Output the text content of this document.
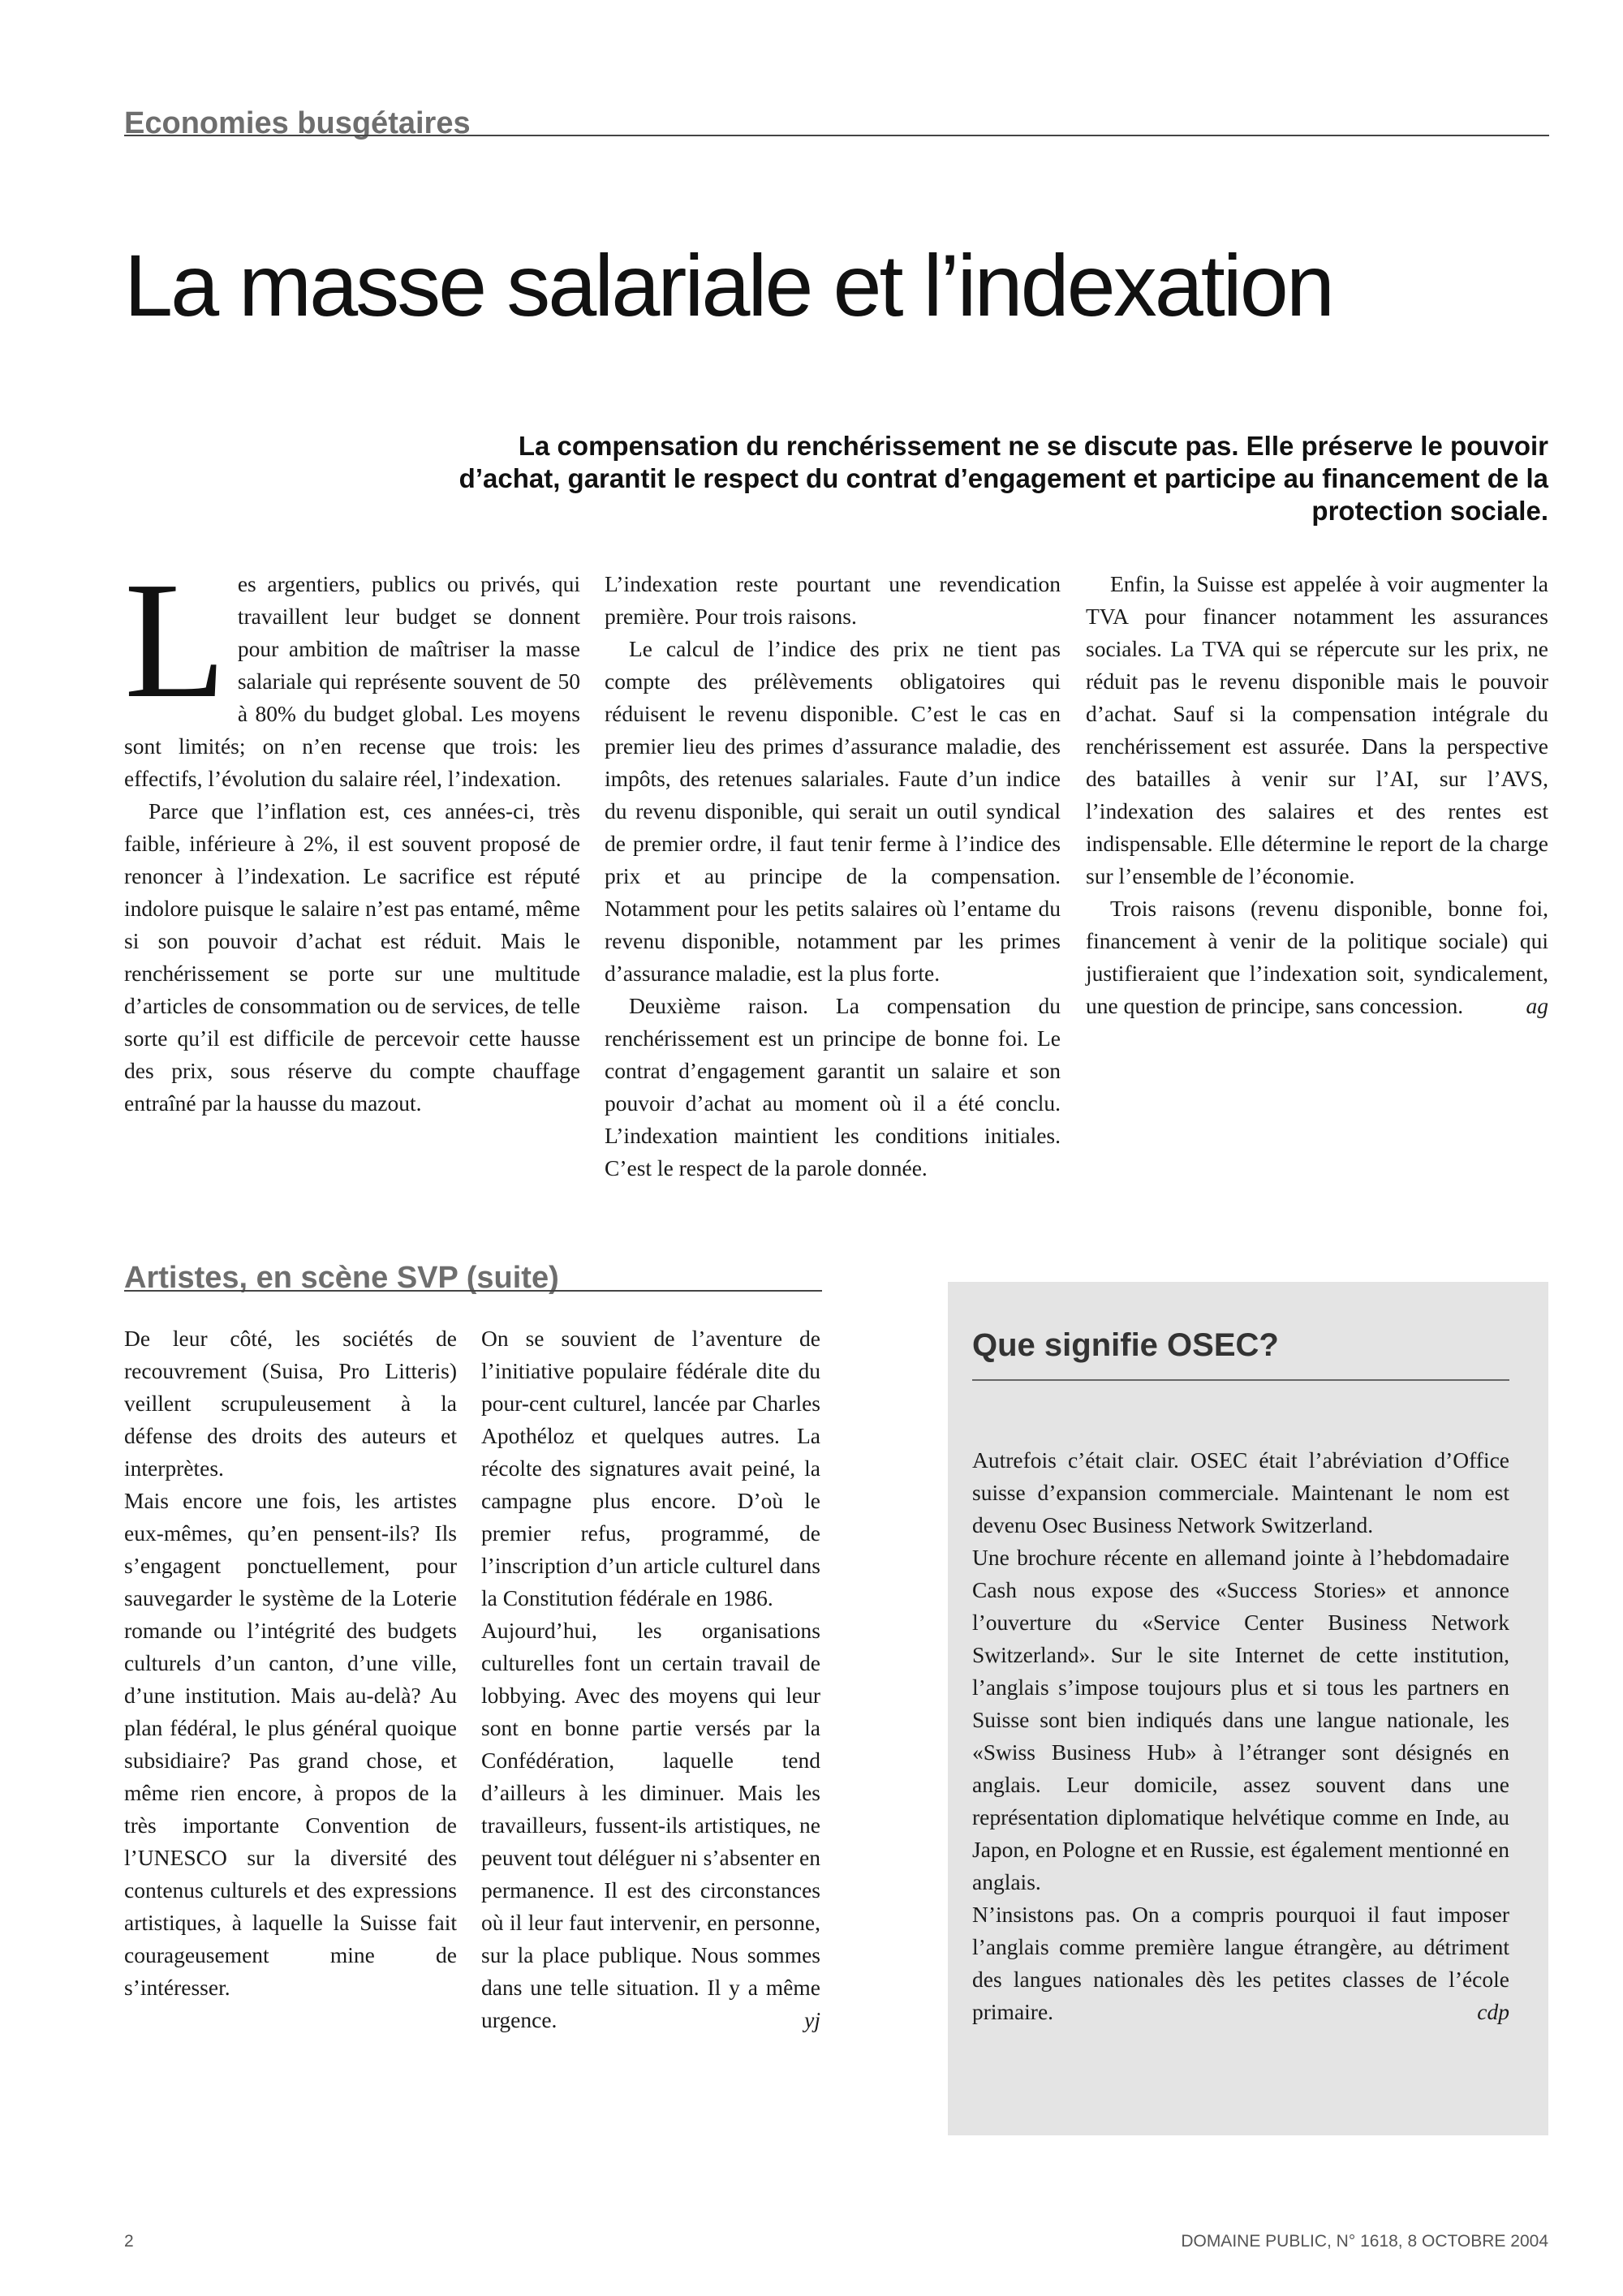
Economies busgétaires
La masse salariale et l’indexation

La compensation du renchérissement ne se discute pas. Elle préserve le pouvoir d’achat, garantit le respect du contrat d’engagement et participe au financement de la protection sociale.

Les argentiers, publics ou privés, qui travaillent leur budget se donnent pour ambition de maîtriser la masse salariale qui représente souvent de 50 à 80% du budget global. Les moyens sont limités; on n’en recense que trois: les effectifs, l’évolution du salaire réel, l’indexation.

Parce que l’inflation est, ces années-ci, très faible, inférieure à 2%, il est souvent proposé de renoncer à l’indexation. Le sacrifice est réputé indolore puisque le salaire n’est pas entamé, même si son pouvoir d’achat est réduit. Mais le renchérissement se porte sur une multitude d’articles de consommation ou de services, de telle sorte qu’il est difficile de percevoir cette hausse des prix, sous réserve du compte chauffage entraîné par la hausse du mazout.

L’indexation reste pourtant une revendication première. Pour trois raisons.

Le calcul de l’indice des prix ne tient pas compte des prélèvements obligatoires qui réduisent le revenu disponible. C’est le cas en premier lieu des primes d’assurance maladie, des impôts, des retenues salariales. Faute d’un indice du revenu disponible, qui serait un outil syndical de premier ordre, il faut tenir ferme à l’indice des prix et au principe de la compensation. Notamment pour les petits salaires où l’entame du revenu disponible, notamment par les primes d’assurance maladie, est la plus forte.

Deuxième raison. La compensation du renchérissement est un principe de bonne foi. Le contrat d’engagement garantit un salaire et son pouvoir d’achat au moment où il a été conclu. L’indexation maintient les conditions initiales. C’est le respect de la parole donnée.

Enfin, la Suisse est appelée à voir augmenter la TVA pour financer notamment les assurances sociales. La TVA qui se répercute sur les prix, ne réduit pas le revenu disponible mais le pouvoir d’achat. Sauf si la compensation intégrale du renchérissement est assurée. Dans la perspective des batailles à venir sur l’AI, sur l’AVS, l’indexation des salaires et des rentes est indispensable. Elle détermine le report de la charge sur l’ensemble de l’économie.

Trois raisons (revenu disponible, bonne foi, financement à venir de la politique sociale) qui justifieraient que l’indexation soit, syndicalement, une question de principe, sans concession.	ag

Artistes, en scène SVP (suite)

De leur côté, les sociétés de recouvrement (Suisa, Pro Litteris) veillent scrupuleusement à la défense des droits des auteurs et interprètes.

Mais encore une fois, les artistes eux-mêmes, qu’en pensent-ils? Ils s’engagent ponctuellement, pour sauvegarder le système de la Loterie romande ou l’intégrité des budgets culturels d’un canton, d’une ville, d’une institution. Mais au-delà? Au plan fédéral, le plus général quoique subsidiaire? Pas grand chose, et même rien encore, à propos de la très importante Convention de l’UNESCO sur la diversité des contenus culturels et des expressions artistiques, à laquelle la Suisse fait courageusement mine de s’intéresser.

On se souvient de l’aventure de l’initiative populaire fédérale dite du pour-cent culturel, lancée par Charles Apothéloz et quelques autres. La récolte des signatures avait peiné, la campagne plus encore. D’où le premier refus, programmé, de l’inscription d’un article culturel dans la Constitution fédérale en 1986.

Aujourd’hui, les organisations culturelles font un certain travail de lobbying. Avec des moyens qui leur sont en bonne partie versés par la Confédération, laquelle tend d’ailleurs à les diminuer. Mais les travailleurs, fussent-ils artistiques, ne peuvent tout déléguer ni s’absenter en permanence. Il est des circonstances où il leur faut intervenir, en personne, sur la place publique. Nous sommes dans une telle situation. Il y a même urgence.	yj

Que signifie OSEC?

Autrefois c’était clair. OSEC était l’abréviation d’Office suisse d’expansion commerciale. Maintenant le nom est devenu Osec Business Network Switzerland.

Une brochure récente en allemand jointe à l’hebdomadaire Cash nous expose des «Success Stories» et annonce l’ouverture du «Service Center Business Network Switzerland». Sur le site Internet de cette institution, l’anglais s’impose toujours plus et si tous les partners en Suisse sont bien indiqués dans une langue nationale, les «Swiss Business Hub» à l’étranger sont désignés en anglais. Leur domicile, assez souvent dans une représentation diplomatique helvétique comme en Inde, au Japon, en Pologne et en Russie, est également mentionné en anglais.

N’insistons pas. On a compris pourquoi il faut imposer l’anglais comme première langue étrangère, au détriment des langues nationales dès les petites classes de l’école primaire.	cdp

2	DOMAINE PUBLIC, N° 1618, 8 OCTOBRE 2004
